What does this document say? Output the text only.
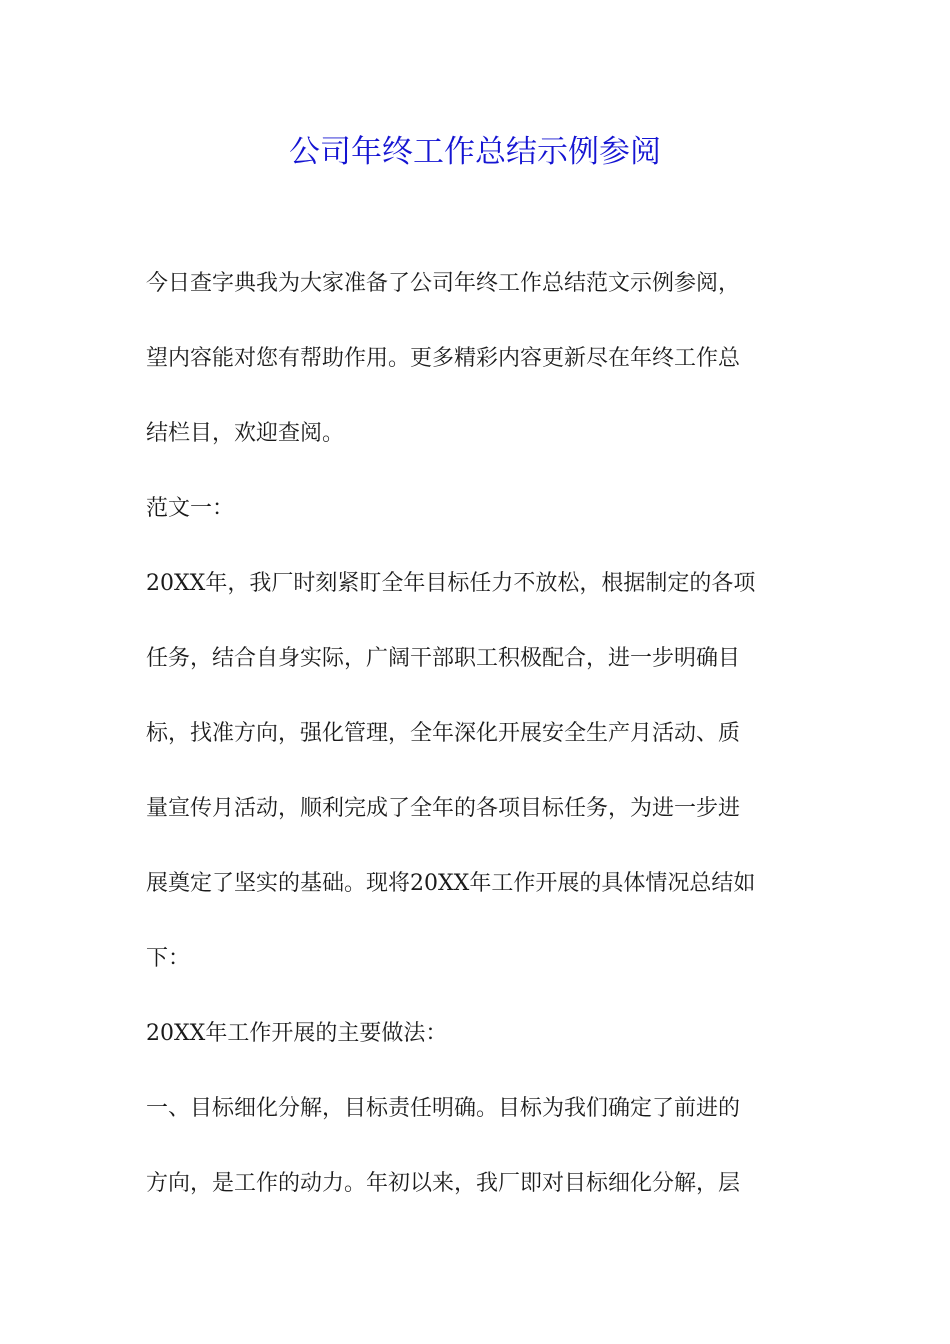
公司年终工作总结示例参阅

今日查字典我为大家准备了公司年终工作总结范文示例参阅，

望内容能对您有帮助作用。更多精彩内容更新尽在年终工作总

结栏目，欢迎查阅。

范文一：

20XX年，我厂时刻紧盯全年目标任力不放松，根据制定的各项

任务，结合自身实际，广阔干部职工积极配合，进一步明确目

标，找准方向，强化管理，全年深化开展安全生产月活动、质

量宣传月活动，顺利完成了全年的各项目标任务，为进一步进

展奠定了坚实的基础。现将20XX年工作开展的具体情况总结如

下：

20XX年工作开展的主要做法：

一、目标细化分解，目标责任明确。目标为我们确定了前进的

方向，是工作的动力。年初以来，我厂即对目标细化分解，层
